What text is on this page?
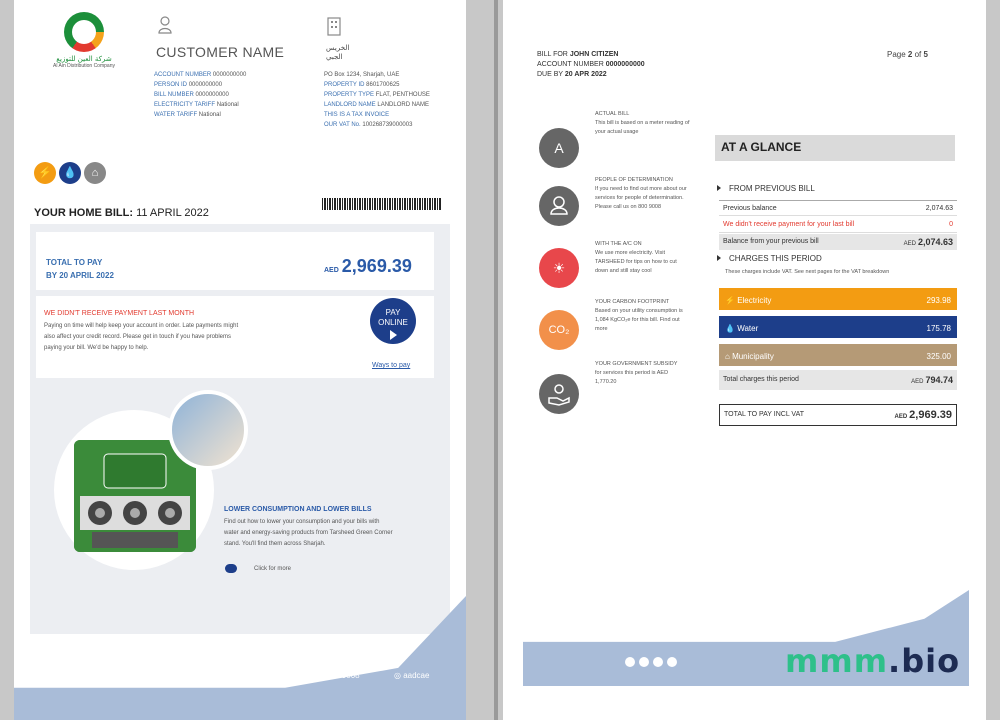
شركة العين للتوزيع
Al Ain Distribution Company
CUSTOMER NAME
ACCOUNT NUMBER 0000000000
PERSON ID 0000000000
BILL NUMBER 0000000000
ELECTRICITY TARIFF National
WATER TARIFF National
الخريس
الجبي
PO Box 1234, Sharjah, UAE
PROPERTY ID 8601700625
PROPERTY TYPE FLAT, PENTHOUSE
LANDLORD NAME LANDLORD NAME
THIS IS A TAX INVOICE
OUR VAT No. 100268739000003
⚡ 💧 ⌂
YOUR HOME BILL: 11 APRIL 2022
TOTAL TO PAY
BY 20 APRIL 2022
AED 2,969.39
WE DIDN'T RECEIVE PAYMENT LAST MONTH
Paying on time will help keep your account in order. Late payments might also affect your credit record. Please get in touch if you have problems paying your bill. We'd be happy to help.
PAY
ONLINE
Ways to pay
LOWER CONSUMPTION AND LOWER BILLS
Find out how to lower your consumption and your bills with water and energy-saving products from Tarsheed Green Corner stand. You'll find them across Sharjah.
Click for more
☏ 800 9008	◎ aadcae
BILL FOR JOHN CITIZEN
ACCOUNT NUMBER 0000000000
DUE BY 20 APR 2022
Page 2 of 5
A
ACTUAL BILL
This bill is based on a meter reading of your actual usage
PEOPLE OF DETERMINATION
If you need to find out more about our services for people of determination. Please call us on 800 9008
☀
WITH THE A/C ON
We use more electricity. Visit TARSHEED for tips on how to cut down and still stay cool
CO₂
YOUR CARBON FOOTPRINT
Based on your utility consumption is 1,084 KgCO₂e for this bill. Find out more
YOUR GOVERNMENT SUBSIDY
for services this period is AED 1,770.20
AT A GLANCE
FROM PREVIOUS BILL
Previous balance	2,074.63
We didn't receive payment for your last bill	0
Balance from your previous bill	AED 2,074.63
CHARGES THIS PERIOD
These charges include VAT. See next pages for the VAT breakdown
⚡ Electricity	293.98
💧 Water	175.78
⌂ Municipality	325.00
Total charges this period	AED 794.74
TOTAL TO PAY INCL VAT	AED 2,969.39
mmm.bio
